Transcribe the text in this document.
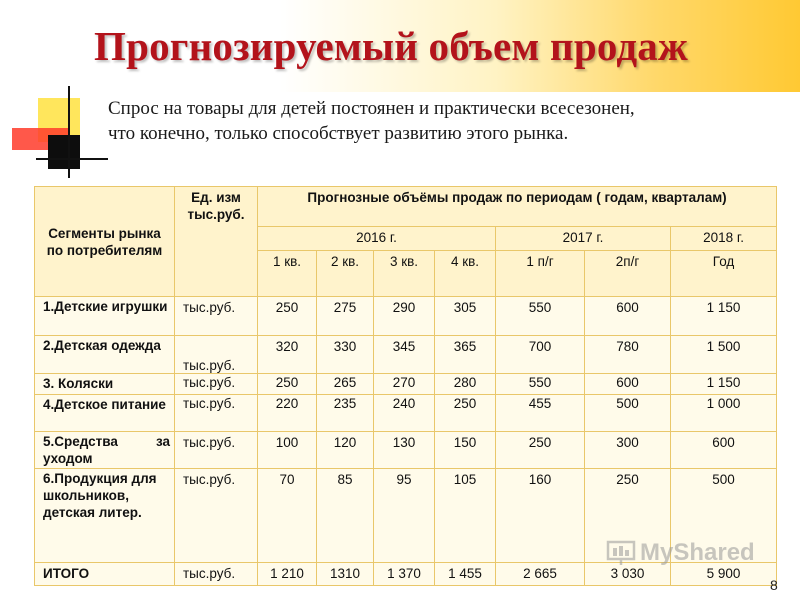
Прогнозируемый объем продаж
Спрос на товары для детей постоянен и практически всесезонен,
что конечно, только способствует развитию этого рынка.
Сегменты рынка по потребителям	Ед. изм тыс.руб.	Прогнозные объёмы продаж по периодам ( годам, кварталам)						
		2016 г.				2017 г.		2018 г.
		1 кв.	2 кв.	3 кв.	4 кв.	1 п/г	2п/г	Год
1.Детские игрушки	тыс.руб.	250	275	290	305	550	600	1 150
2.Детская одежда	тыс.руб.	320	330	345	365	700	780	1 500
3. Коляски	тыс.руб.	250	265	270	280	550	600	1 150
4.Детское питание	тыс.руб.	220	235	240	250	455	500	1 000

5.Средства за
уходом	тыс.руб.	100	120	130	150	250	300	600
6.Продукция для школьников, детская литер.	тыс.руб.	70	85	95	105	160	250	500
ИТОГО	тыс.руб.	1 210	1310	1 370	1 455	2 665	3 030	5 900
MyShared
8
